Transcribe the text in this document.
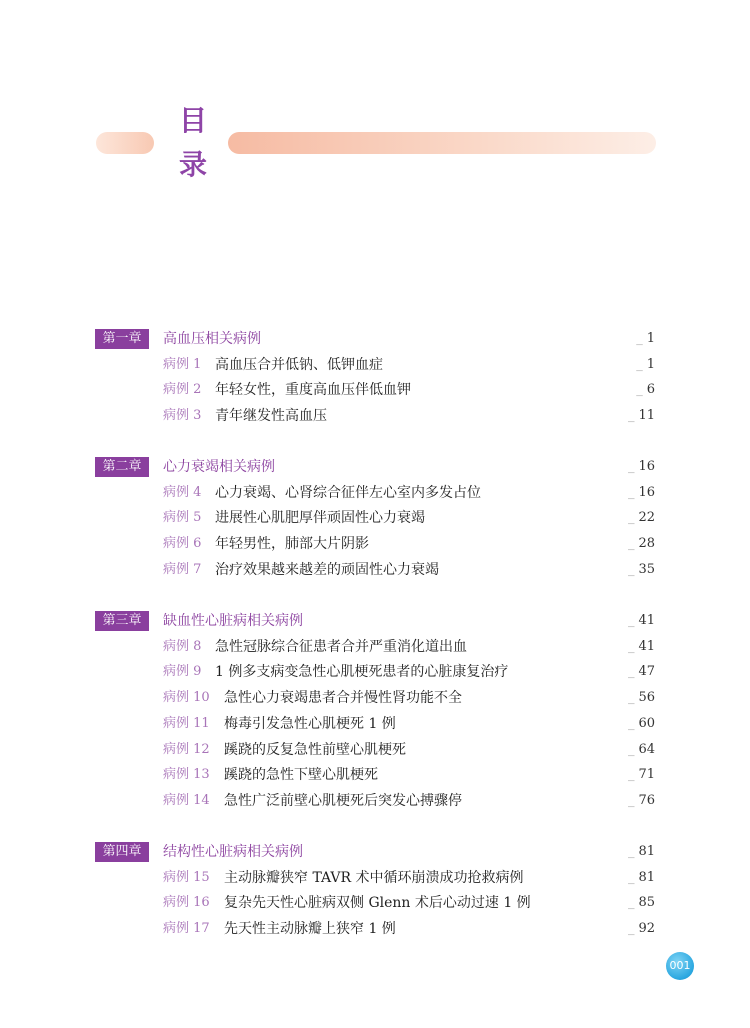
目
录
第一章	高血压相关病例	_ 1
病例 1 高血压合并低钠、低钾血症	_ 1
病例 2 年轻女性，重度高血压伴低血钾	_ 6
病例 3 青年继发性高血压	_ 11
第二章	心力衰竭相关病例	_ 16
病例 4 心力衰竭、心肾综合征伴左心室内多发占位	_ 16
病例 5 进展性心肌肥厚伴顽固性心力衰竭	_ 22
病例 6 年轻男性，肺部大片阴影	_ 28
病例 7 治疗效果越来越差的顽固性心力衰竭	_ 35
第三章	缺血性心脏病相关病例	_ 41
病例 8 急性冠脉综合征患者合并严重消化道出血	_ 41
病例 9 1 例多支病变急性心肌梗死患者的心脏康复治疗	_ 47
病例 10 急性心力衰竭患者合并慢性肾功能不全	_ 56
病例 11 梅毒引发急性心肌梗死 1 例	_ 60
病例 12 蹊跷的反复急性前壁心肌梗死	_ 64
病例 13 蹊跷的急性下壁心肌梗死	_ 71
病例 14 急性广泛前壁心肌梗死后突发心搏骤停	_ 76
第四章	结构性心脏病相关病例	_ 81
病例 15 主动脉瓣狭窄 TAVR 术中循环崩溃成功抢救病例	_ 81
病例 16 复杂先天性心脏病双侧 Glenn 术后心动过速 1 例	_ 85
病例 17 先天性主动脉瓣上狭窄 1 例	_ 92
001
